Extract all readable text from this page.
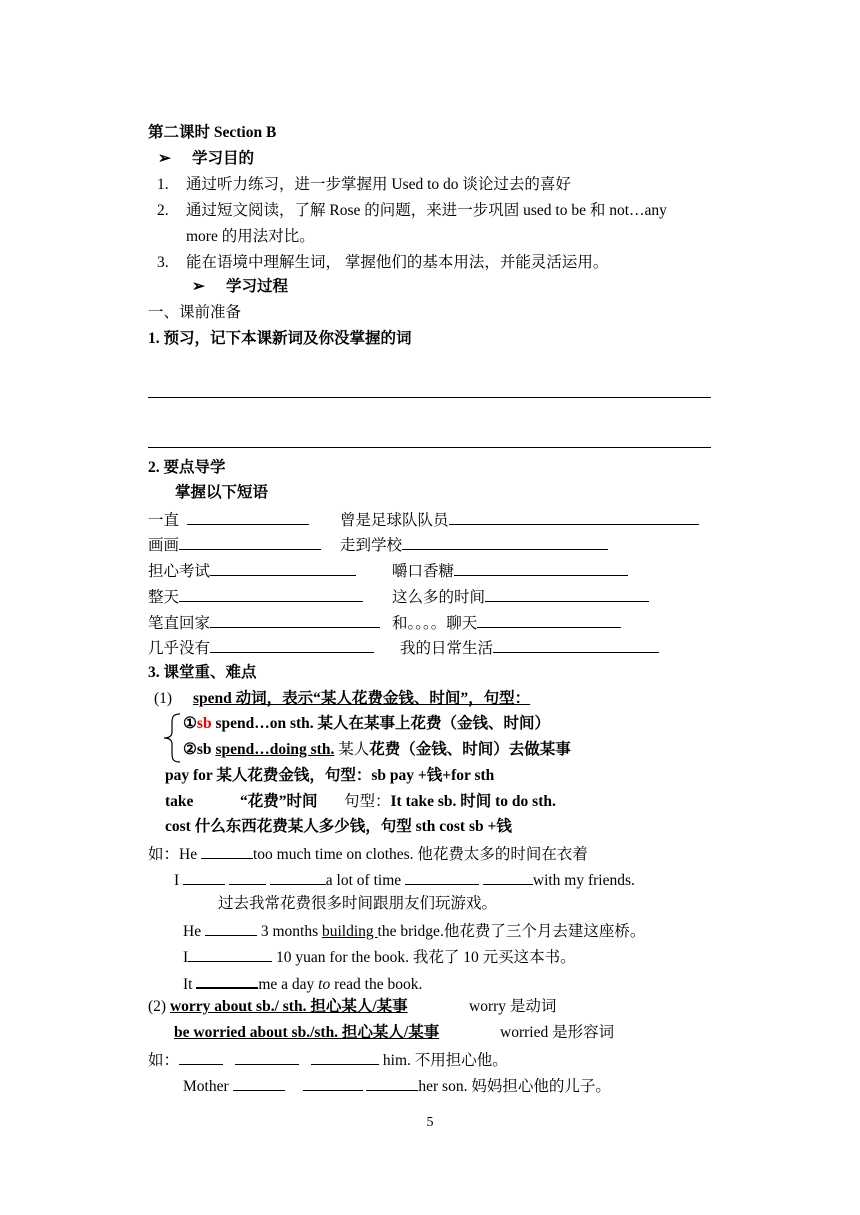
第二课时 Section B
➢ 学习目的
1. 通过听力练习，进一步掌握用 Used to do 谈论过去的喜好
2. 通过短文阅读，了解 Rose 的问题，来进一步巩固 used to be 和 not…any
more 的用法对比。
3. 能在语境中理解生词， 掌握他们的基本用法，并能灵活运用。
➢ 学习过程
一、课前准备
1. 预习，记下本课新词及你没掌握的词
2. 要点导学
掌握以下短语
一直	曾是足球队队员
画画	走到学校
担心考试	嚼口香糖
整天	这么多的时间
笔直回家	和。。。。聊天
几乎没有	我的日常生活
3. 课堂重、难点
(1) spend 动词，表示“某人花费金钱、时间”，句型：
①sb spend…on sth. 某人在某事上花费（金钱、时间）
②sb spend…doing sth. 某人花费（金钱、时间）去做某事
pay for 某人花费金钱，句型：sb pay +钱+for sth
take	“花费”时间 句型：It take sb. 时间 to do sth.
cost 什么东西花费某人多少钱，句型 sth cost sb +钱
如：He	too much time on clothes. 他花费太多的时间在衣着
I	a lot of time	with my friends.
过去我常花费很多时间跟朋友们玩游戏。
He	3 months building the bridge.他花费了三个月去建这座桥。
I	10 yuan for the book. 我花了 10 元买这本书。
It	me a day to read the book.
(2) worry about sb./ sth. 担心某人/某事	worry 是动词
be worried about sb./sth. 担心某人/某事	worried 是形容词
如：	him. 不用担心他。
Mother	her son. 妈妈担心他的儿子。
5
